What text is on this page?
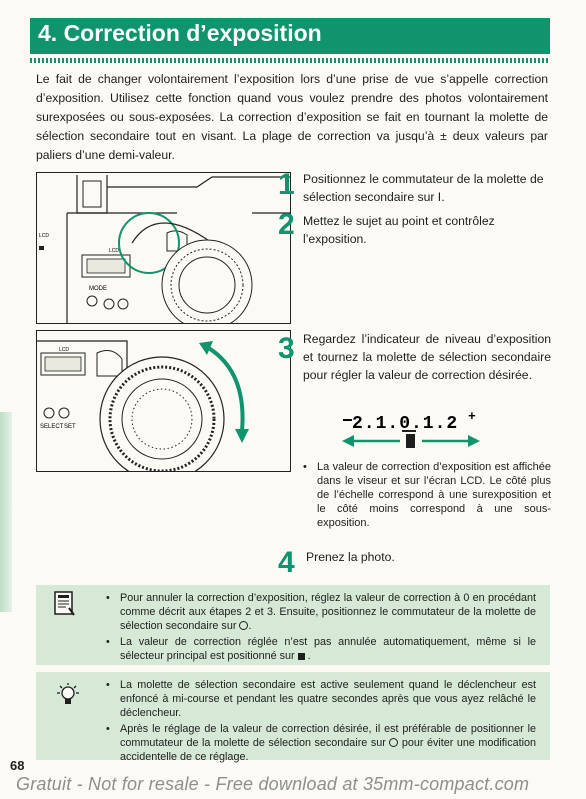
4. Correction d’exposition

Le fait de changer volontairement l’exposition lors d’une prise de vue s’appelle correction d’exposition. Utilisez cette fonction quand vous voulez prendre des photos volontairement surexposées ou sous-exposées. La correction d’exposition se fait en tournant la molette de sélection secondaire tout en visant. La plage de correction va jusqu’à ± deux valeurs par paliers d’une demi-valeur.

LCD
MODE
LCD
LCD
SELECT SET
1 Positionnez le commutateur de la molette de sélection secondaire sur I.
2 Mettez le sujet au point et contrôlez l’exposition.
3 Regardez l’indicateur de niveau d’exposition et tournez la molette de sélection secondaire pour régler la valeur de correction désirée.
− 2.1.0.1.2 +
• La valeur de correction d’exposition est affichée dans le viseur et sur l’écran LCD. Le côté plus de l’échelle correspond à une surexposition et le côté moins correspond à une sous-exposition.
4 Prenez la photo.
• Pour annuler la correction d’exposition, réglez la valeur de correction à 0 en procédant comme décrit aux étapes 2 et 3. Ensuite, positionnez le commutateur de la molette de sélection secondaire sur .
• La valeur de correction réglée n’est pas annulée automatiquement, même si le sélecteur principal est positionné sur .
• La molette de sélection secondaire est active seulement quand le déclencheur est enfoncé à mi-course et pendant les quatre secondes après que vous ayez relâché le déclencheur.
• Après le réglage de la valeur de correction désirée, il est préférable de positionner le commutateur de la molette de sélection secondaire sur pour éviter une modification accidentelle de ce réglage.
68
Gratuit - Not for resale - Free download at 35mm-compact.com
